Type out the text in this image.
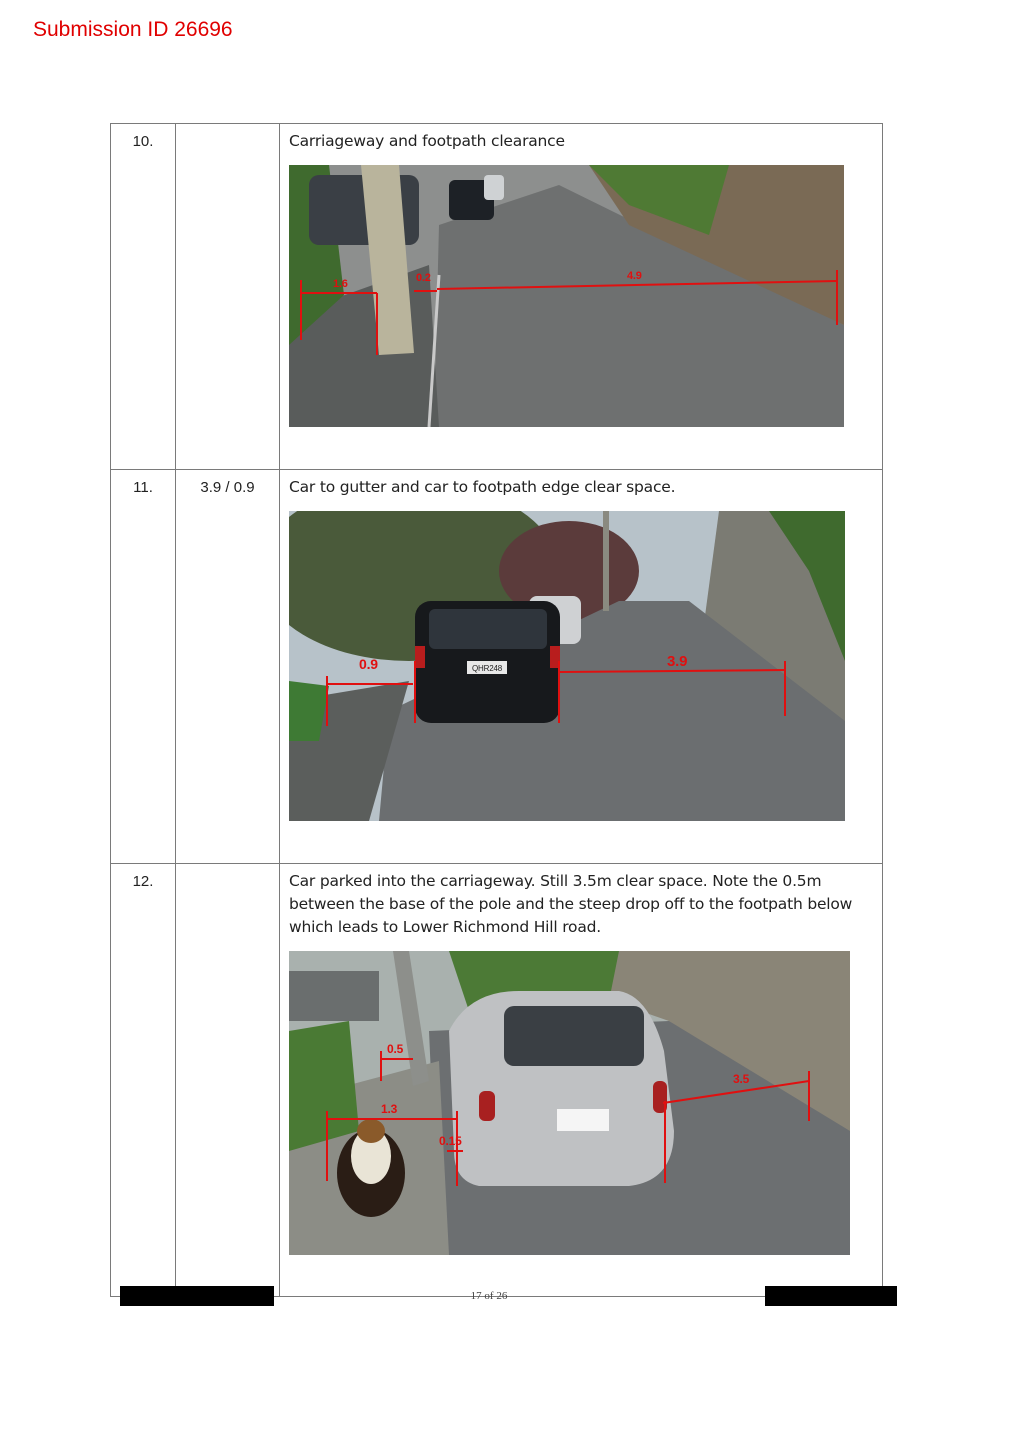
Submission ID 26696
10.		Carriageway and footpath clearance
1.6 0.2 4.9

11.	3.9 / 0.9	Car to gutter and car to footpath edge clear space.
QHR248
0.9 3.9

12.		Car parked into the carriageway. Still 3.5m clear space. Note the 0.5m between the base of the pole and the steep drop off to the footpath below which leads to Lower Richmond Hill road.
0.5
1.3
0.15
3.5
17 of 26
